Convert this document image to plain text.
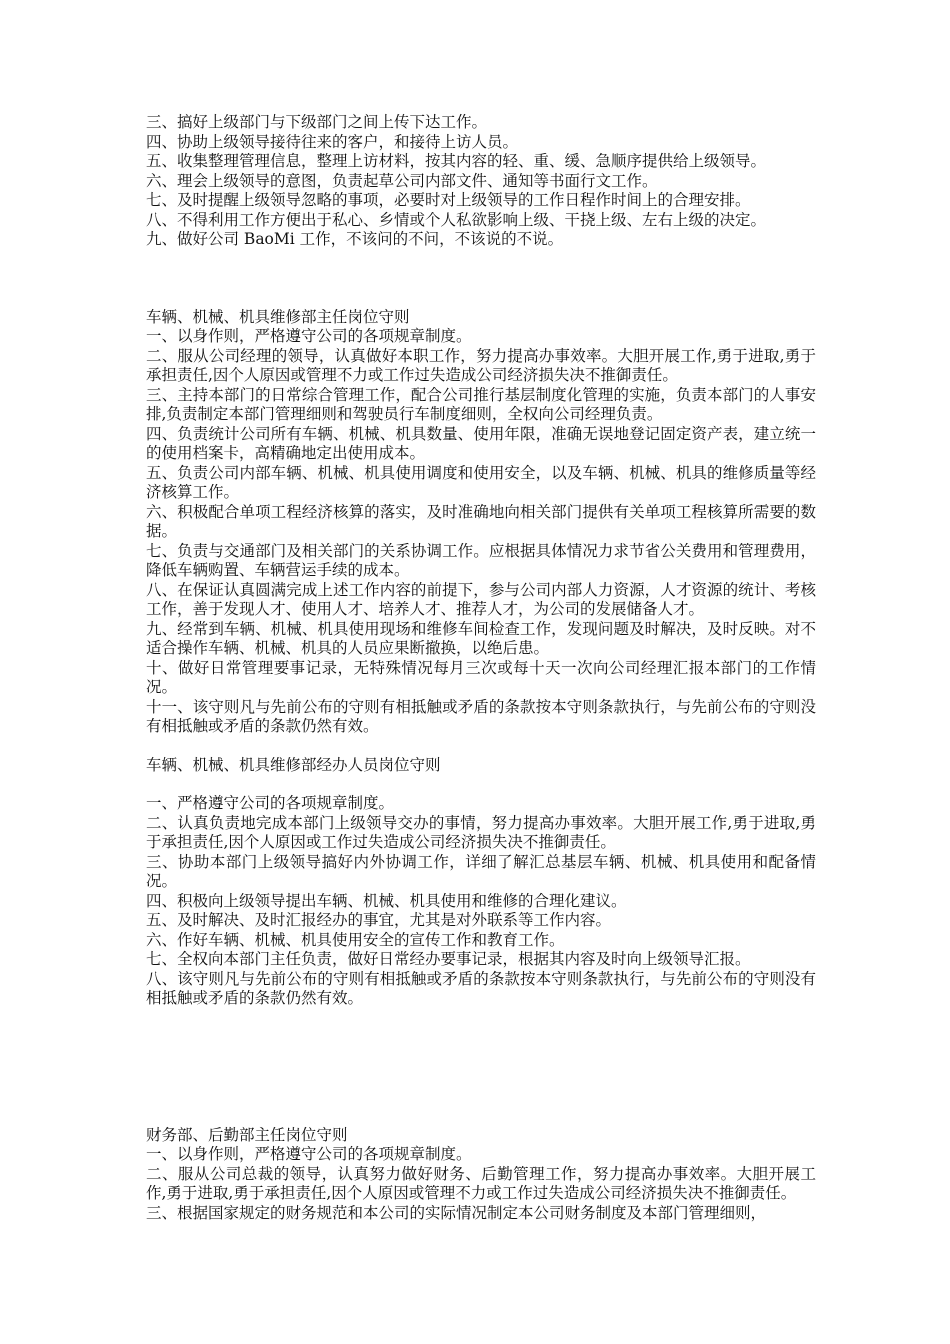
三、搞好上级部门与下级部门之间上传下达工作。

四、协助上级领导接待往来的客户，和接待上访人员。

五、收集整理管理信息，整理上访材料，按其内容的轻、重、缓、急顺序提供给上级领导。

六、理会上级领导的意图，负责起草公司内部文件、通知等书面行文工作。

七、及时提醒上级领导忽略的事项，必要时对上级领导的工作日程作时间上的合理安排。

八、不得利用工作方便出于私心、乡情或个人私欲影响上级、干挠上级、左右上级的决定。

九、做好公司 BaoMi 工作，不该问的不问，不该说的不说。

车辆、机械、机具维修部主任岗位守则

一、以身作则，严格遵守公司的各项规章制度。

二、服从公司经理的领导，认真做好本职工作，努力提高办事效率。大胆开展工作,勇于进取,勇于承担责任,因个人原因或管理不力或工作过失造成公司经济损失决不推御责任。

三、主持本部门的日常综合管理工作，配合公司推行基层制度化管理的实施，负责本部门的人事安排,负责制定本部门管理细则和驾驶员行车制度细则，全权向公司经理负责。

四、负责统计公司所有车辆、机械、机具数量、使用年限，准确无误地登记固定资产表，建立统一的使用档案卡，高精确地定出使用成本。

五、负责公司内部车辆、机械、机具使用调度和使用安全，以及车辆、机械、机具的维修质量等经济核算工作。

六、积极配合单项工程经济核算的落实，及时准确地向相关部门提供有关单项工程核算所需要的数据。

七、负责与交通部门及相关部门的关系协调工作。应根据具体情况力求节省公关费用和管理费用，降低车辆购置、车辆营运手续的成本。

八、在保证认真圆满完成上述工作内容的前提下，参与公司内部人力资源，人才资源的统计、考核工作，善于发现人才、使用人才、培养人才、推荐人才，为公司的发展储备人才。

九、经常到车辆、机械、机具使用现场和维修车间检查工作，发现问题及时解决，及时反映。对不适合操作车辆、机械、机具的人员应果断撤换，以绝后患。

十、做好日常管理要事记录，无特殊情况每月三次或每十天一次向公司经理汇报本部门的工作情况。

十一、该守则凡与先前公布的守则有相抵触或矛盾的条款按本守则条款执行，与先前公布的守则没有相抵触或矛盾的条款仍然有效。

车辆、机械、机具维修部经办人员岗位守则

一、严格遵守公司的各项规章制度。

二、认真负责地完成本部门上级领导交办的事情，努力提高办事效率。大胆开展工作,勇于进取,勇于承担责任,因个人原因或工作过失造成公司经济损失决不推御责任。

三、协助本部门上级领导搞好内外协调工作，详细了解汇总基层车辆、机械、机具使用和配备情况。

四、积极向上级领导提出车辆、机械、机具使用和维修的合理化建议。

五、及时解决、及时汇报经办的事宜，尤其是对外联系等工作内容。

六、作好车辆、机械、机具使用安全的宣传工作和教育工作。

七、全权向本部门主任负责，做好日常经办要事记录，根据其内容及时向上级领导汇报。

八、该守则凡与先前公布的守则有相抵触或矛盾的条款按本守则条款执行，与先前公布的守则没有相抵触或矛盾的条款仍然有效。

财务部、后勤部主任岗位守则

一、以身作则，严格遵守公司的各项规章制度。

二、服从公司总裁的领导，认真努力做好财务、后勤管理工作，努力提高办事效率。大胆开展工作,勇于进取,勇于承担责任,因个人原因或管理不力或工作过失造成公司经济损失决不推御责任。

三、根据国家规定的财务规范和本公司的实际情况制定本公司财务制度及本部门管理细则，
